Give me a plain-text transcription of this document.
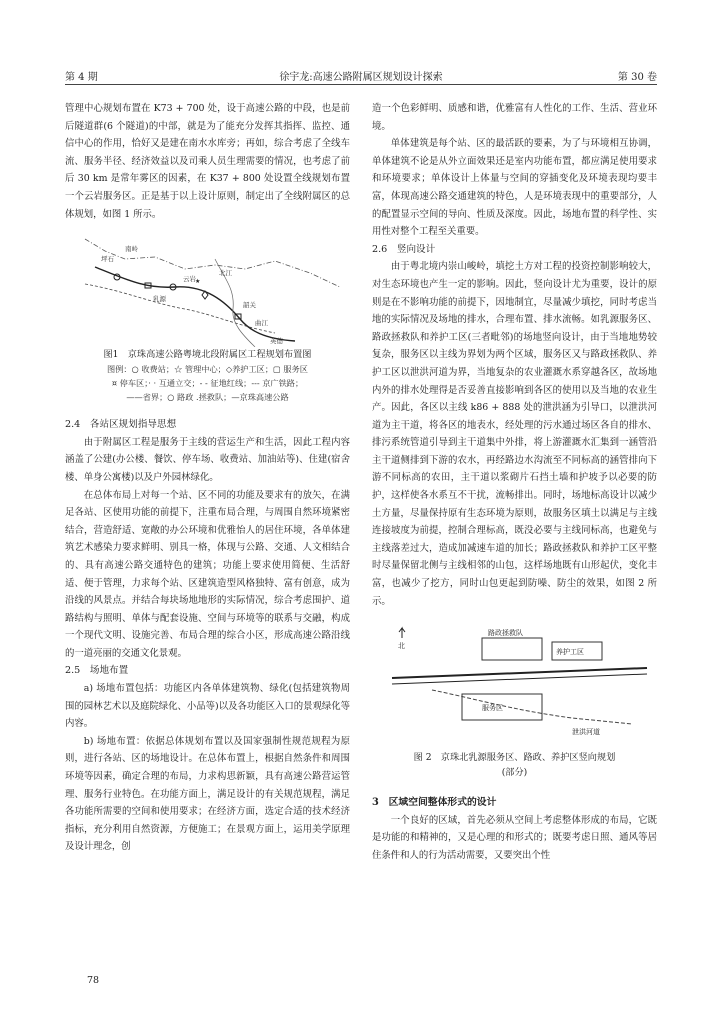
第 4 期	徐宇龙:高速公路附属区规划设计探索	第 30 卷

管理中心规划布置在 K73 + 700 处，设于高速公路的中段，也是前后隧道群(6 个隧道)的中部，就是为了能充分发挥其指挥、监控、通信中心的作用，恰好又是建在南水水库旁；再如，综合考虑了全线车流、服务半径、经济效益以及司乘人员生理需要的情况，也考虑了前后 30 km 是常年雾区的因素，在 K37 + 800 处设置全线规划布置一个云岩服务区。正是基于以上设计原则，制定出了全线附属区的总体规划，如图 1 所示。

★
南岭
乳源
韶关
曲江
北江
英德
坪石
云岩
图1　京珠高速公路粤境北段附属区工程规划布置图
图例：○ 收费站；☆ 管理中心；◇养护工区；▢ 服务区
¤ 停车区；· · 互通立交；- - 征地红线；--- 京广铁路；
——省界；○ 路政 .拯救队；—京珠高速公路
2.4　各站区规划指导思想

由于附属区工程是服务于主线的营运生产和生活，因此工程内容涵盖了公建(办公楼、餐饮、停车场、收费站、加油站等)、住建(宿舍楼、单身公寓楼)以及户外园林绿化。

在总体布局上对每一个站、区不同的功能及要求有的放矢，在满足各站、区使用功能的前提下，注重布局合理，与周围自然环境紧密结合，营造舒适、宽敞的办公环境和优雅怡人的居住环境，各单体建筑艺术感染力要求鲜明、别具一格，体现与公路、交通、人文相结合的、具有高速公路交通特色的建筑；功能上要求使用简便、生活舒适、便于管理，力求每个站、区建筑造型风格独特、富有创意，成为沿线的风景点。并结合每块场地地形的实际情况，综合考虑围护、道路结构与照明、单体与配套设施、空间与环境等的联系与交融，构成一个现代文明、设施完善、布局合理的综合小区，形成高速公路沿线的一道亮丽的交通文化景观。

2.5　场地布置

a) 场地布置包括：功能区内各单体建筑物、绿化(包括建筑物周围的园林艺术以及庭院绿化、小品等)以及各功能区入口的景观绿化等内容。

b) 场地布置：依据总体规划布置以及国家强制性规范规程为原则，进行各站、区的场地设计。在总体布置上，根据自然条件和周围环境等因素，确定合理的布局，力求构思新颖，具有高速公路营运管理、服务行业特色。在功能方面上，满足设计的有关规范规程，满足各功能所需要的空间和使用要求；在经济方面，选定合适的技术经济指标，充分利用自然资源，方便施工；在景观方面上，运用美学原理及设计理念，创

造一个色彩鲜明、质感和谐，优雅富有人性化的工作、生活、营业环境。

单体建筑是每个站、区的最活跃的要素，为了与环境相互协调，单体建筑不论是从外立面效果还是室内功能布置，都应满足使用要求和环境要求；单体设计上体量与空间的穿插变化及环境表现均要丰富，体现高速公路交通建筑的特色，人是环境表现中的重要部分，人的配置显示空间的导向、性质及深度。因此，场地布置的科学性、实用性对整个工程至关重要。

2.6　竖向设计

由于粤北境内崇山峻岭，填挖土方对工程的投资控制影响较大，对生态环境也产生一定的影响。因此，竖向设计尤为重要，设计的原则是在不影响功能的前提下，因地制宜，尽量减少填挖，同时考虑当地的实际情况及场地的排水，合理布置、排水流畅。如乳源服务区、路政拯救队和养护工区(三者毗邻)的场地竖向设计，由于当地地势较复杂，服务区以主线为界划为两个区域，服务区又与路政拯救队、养护工区以泄洪河道为界，当地复杂的农业灌溉水系穿越各区，故场地内外的排水处理得是否妥善直接影响到各区的使用以及当地的农业生产。因此，各区以主线 k86 + 888 处的泄洪涵为引导口，以泄洪河道为主干道，将各区的地表水，经处理的污水通过场区各自的排水、排污系统管道引导到主干道集中外排，将上游灌溉水汇集到一涵管沿主干道侧排到下游的农水，再经路边水沟流至不同标高的涵管排向下游不同标高的农田，主干道以浆砌片石挡土墙和护坡予以必要的防护，这样使各水系互不干扰，流畅排出。同时，场地标高设计以减少土方量，尽量保持原有生态环境为原则，故服务区填土以满足与主线连接坡度为前提，控制合理标高，既没必要与主线同标高，也避免与主线落差过大，造成加减速车道的加长；路政拯救队和养护工区平整时尽量保留北侧与主线相邻的山包，这样场地既有山形起伏，变化丰富，也减少了挖方，同时山包更起到防噪、防尘的效果，如图 2 所示。

路政拯救队
北
养护工区
服务区
泄洪河道
图 2　京珠北乳源服务区、路政、养护区竖向规划
(部分)
3　区域空间整体形式的设计

一个良好的区域，首先必须从空间上考虑整体形成的布局，它既是功能的和精神的，又是心理的和形式的；既要考虑日照、通风等居住条件和人的行为活动需要，又要突出个性

78
